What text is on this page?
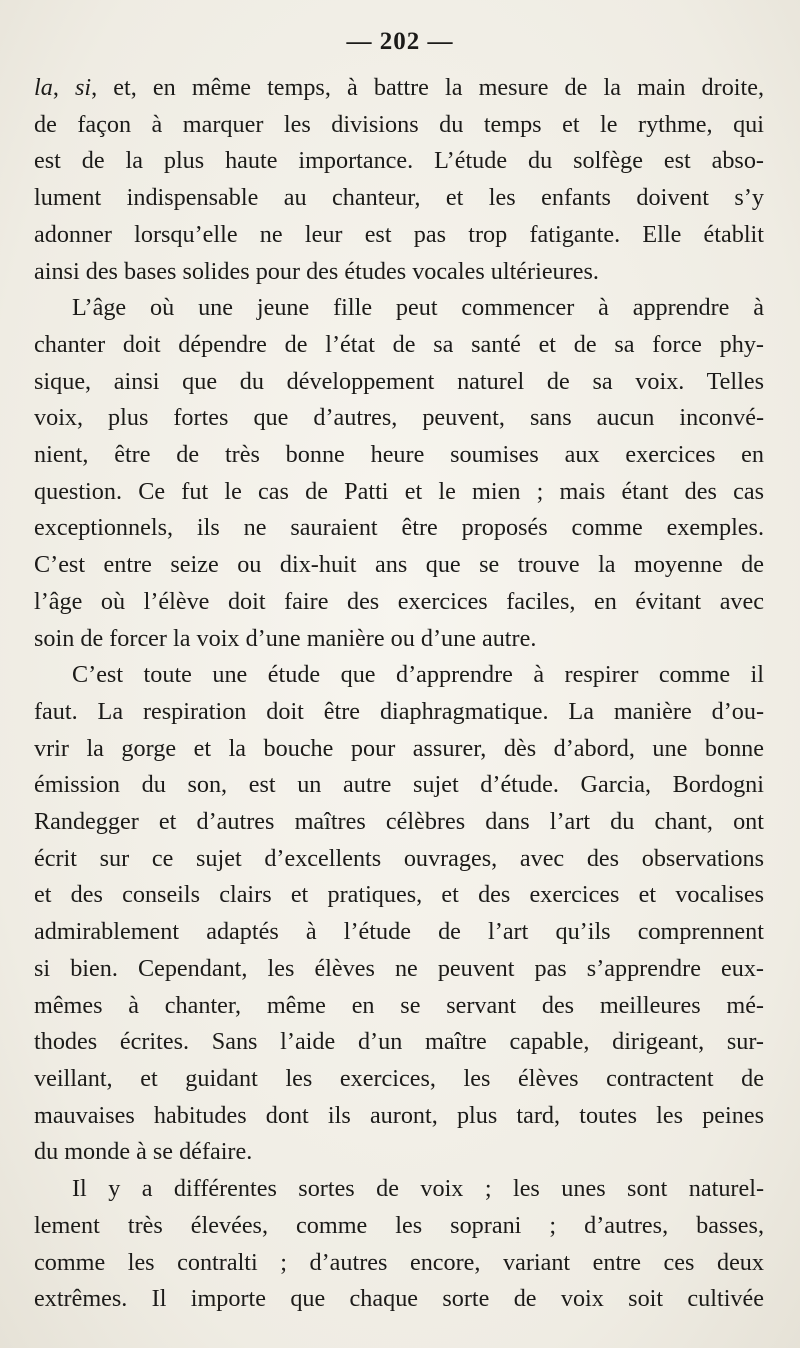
— 202 —

la, si, et, en même temps, à battre la mesure de la main droite,
de façon à marquer les divisions du temps et le rythme, qui
est de la plus haute importance. L’étude du solfège est abso-
lument indispensable au chanteur, et les enfants doivent s’y
adonner lorsqu’elle ne leur est pas trop fatigante. Elle établit
ainsi des bases solides pour des études vocales ultérieures.

L’âge où une jeune fille peut commencer à apprendre à
chanter doit dépendre de l’état de sa santé et de sa force phy-
sique, ainsi que du développement naturel de sa voix. Telles
voix, plus fortes que d’autres, peuvent, sans aucun inconvé-
nient, être de très bonne heure soumises aux exercices en
question. Ce fut le cas de Patti et le mien ; mais étant des cas
exceptionnels, ils ne sauraient être proposés comme exemples.
C’est entre seize ou dix-huit ans que se trouve la moyenne de
l’âge où l’élève doit faire des exercices faciles, en évitant avec
soin de forcer la voix d’une manière ou d’une autre.

C’est toute une étude que d’apprendre à respirer comme il
faut. La respiration doit être diaphragmatique. La manière d’ou-
vrir la gorge et la bouche pour assurer, dès d’abord, une bonne
émission du son, est un autre sujet d’étude. Garcia, Bordogni
Randegger et d’autres maîtres célèbres dans l’art du chant, ont
écrit sur ce sujet d’excellents ouvrages, avec des observations
et des conseils clairs et pratiques, et des exercices et vocalises
admirablement adaptés à l’étude de l’art qu’ils comprennent
si bien. Cependant, les élèves ne peuvent pas s’apprendre eux-
mêmes à chanter, même en se servant des meilleures mé-
thodes écrites. Sans l’aide d’un maître capable, dirigeant, sur-
veillant, et guidant les exercices, les élèves contractent de
mauvaises habitudes dont ils auront, plus tard, toutes les peines
du monde à se défaire.

Il y a différentes sortes de voix ; les unes sont naturel-
lement très élevées, comme les soprani ; d’autres, basses,
comme les contralti ; d’autres encore, variant entre ces deux
extrêmes. Il importe que chaque sorte de voix soit cultivée
